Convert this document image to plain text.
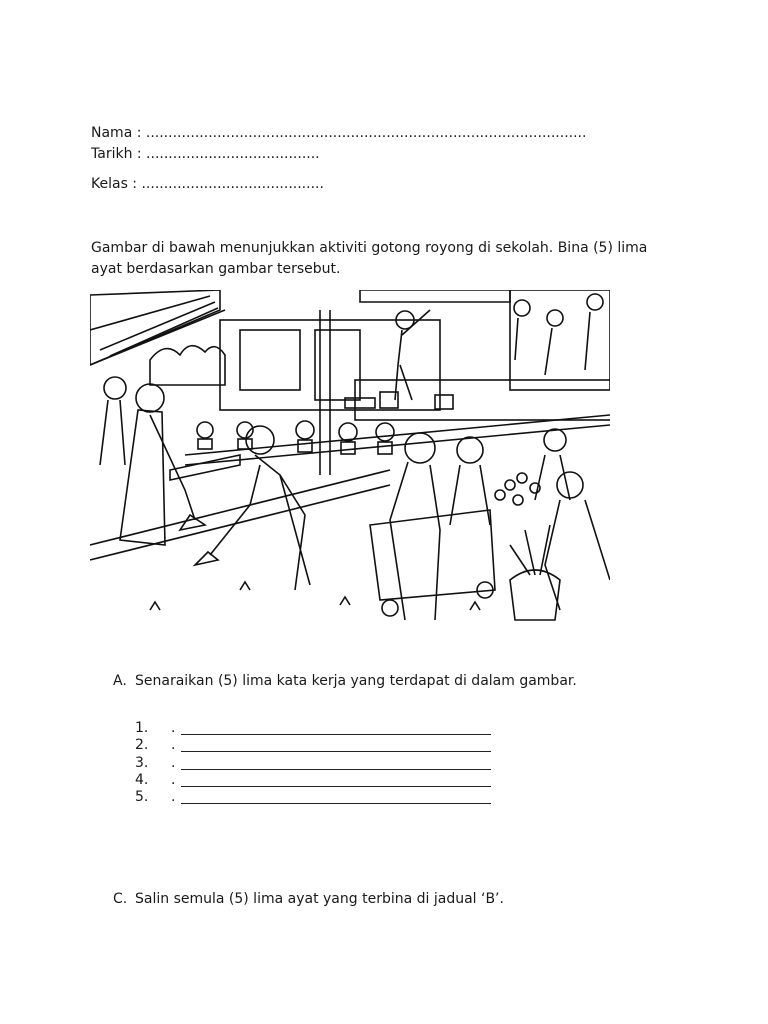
Nama : ...................................................................................................
Tarikh : .......................................
Kelas : .........................................
Gambar di bawah menunjukkan aktiviti gotong royong di sekolah. Bina (5) lima ayat berdasarkan gambar tersebut.
A. Senaraikan (5) lima kata kerja yang terdapat di dalam gambar.
1. .
2. .
3. .
4. .
5. .
C. Salin semula (5) lima ayat yang terbina di jadual ‘B’.
